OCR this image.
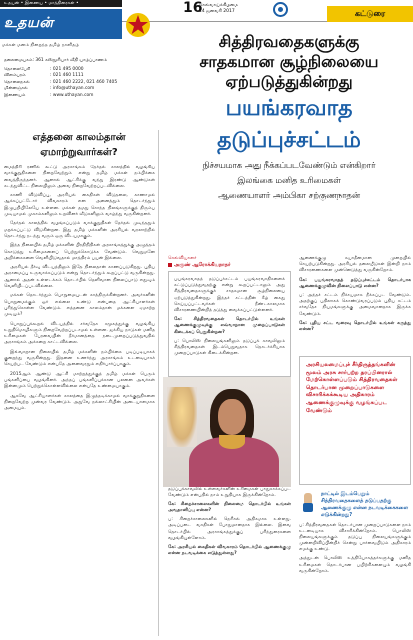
உதயன் • இணைய • மாத்திரைகள் •	16
செவ்வாய்க்கிழமை
14 ஜனவரி 2017	கட்டுரை
உதயன்
மக்கள் மனம் நிறைந்த தமிழ் நாளிதழ்
தலைமையகம்: 361 கஸ்தூரியார் வீதி யாழ்ப்பாணம்
தொலைபேசி	: 021 495 0000
விளம்பரம்	: 021 460 1111
தொலைநகல்	: 021 460 2222, 021 460 7405
மின்னஞ்சல்	: info@uthayan.com
இணையம்	: www.uthayan.com
எத்தனை காலம்தான் ஏமாற்றுவார்கள்?

மைத்திரி ரணில் கூட்டு அரசாங்கம் தேர்தல் காலத்தில் வழங்கிய வாக்குறுதிகளை நிறைவேற்றும் என்று தமிழ் மக்கள் நம்பிக்கை வைத்திருந்தனர். ஆனால் ஆட்சிக்கு வந்து இரண்டு ஆண்டுகள் கடந்துவிட்ட நிலையிலும் அவை நிறைவேற்றப்படவில்லை.

காணி விடுவிப்பு, அரசியல் கைதிகள் விடுதலை, காணாமல் ஆக்கப்பட்டோர் விவகாரம் என அனைத்தும் தொடர்ந்தும் இழுபறியிலேயே உள்ளன. மக்கள் தமது சொந்த நிலங்களுக்குத் திரும்ப முடியாமல் முகாம்களிலும் உறவினர் வீடுகளிலும் வாழ்ந்து வருகின்றனர்.

தேர்தல் காலத்தில் வழங்கப்படும் வாக்குறுதிகள் தேர்தல் முடிந்ததும் மறக்கப்பட்டு விடுகின்றன. இது தமிழ் மக்களின் அரசியல் வரலாற்றில் தொடர்ந்து நடந்து வரும் ஒரு விடயமாகும்.

இந்த நிலையில் தமிழ் மக்களின் பிரதிநிதிகள் அரசாங்கத்துக்கு அழுத்தம் கொடுத்து உரிமைகளைப் பெற்றுக்கொடுக்க வேண்டும். வெறுமனே அறிக்கைகளை வெளியிடுவதால் மாத்திரம் பயன் இல்லை.

அரசியல் தீர்வு விடயத்திலும் இதே நிலைதான் காணப்படுகிறது. புதிய அரசமைப்பு உருவாக்கப்படும் என்று தொடர்ந்தும் கூறப்பட்டு வருகின்றது. ஆனால் அதன் உள்ளடக்கம் தொடர்பில் தெளிவான நிலைப்பாடு எதுவும் வெளியிடப்படவில்லை.

மக்கள் தொடர்ந்தும் பொறுமையுடன் காத்திருக்கின்றனர். அவர்களின் பொறுமைக்கும் ஓர் எல்லை உண்டு என்பதை ஆட்சியாளர்கள் புரிந்துகொள்ள வேண்டும். எத்தனை காலம்தான் மக்களை ஏமாற்ற முடியும்?

பொறுப்புக்கூறல் விடயத்தில் சர்வதேச சமூகத்துக்கு வழங்கிய உறுதிமொழிகளும் நிறைவேற்றப்படாமல் உள்ளன. ஐக்கிய நாடுகள் மனித உரிமைகள் பேரவையின் தீர்மானத்தை நடைமுறைப்படுத்துவதில் அரசாங்கம் அக்கறை காட்டவில்லை.

இவ்வாறான நிலையில் தமிழ் மக்களின் நம்பிக்கை படிப்படியாகக் குறைந்து வருகின்றது. இதனை உணர்ந்து அரசாங்கம் உடனடியாகச் செயற்பட வேண்டும் என்பதே அனைவரதும் எதிர்பார்ப்பாகும்.

2015ஆம் ஆண்டு ஆட்சி மாற்றத்துக்குத் தமிழ் மக்கள் பெரும் பங்களிப்பை வழங்கினர். அந்தப் பங்களிப்புக்கான பலனை அவர்கள் இன்னமும் பெற்றுக்கொள்ளவில்லை என்பதே உண்மையாகும்.

ஆகவே ஆட்சியாளர்கள் காலத்தை இழுத்தடிக்காமல் வாக்குறுதிகளை நிறைவேற்ற முன்வர வேண்டும். அதுவே நல்லாட்சியின் அடையாளமாக அமையும்.

சித்திரவதைகளுக்கு
சாதகமான சூழ்நிலையை
ஏற்படுத்துகின்றது
பயங்கரவாத
தடுப்புச்சட்டம்
நிச்சயமாக அது நீக்கப்படவேண்டும் என்கிறார்
இலங்கை மனித உரிமைகள்
ஆணையாளர் அம்பிகா சற்குணநாதன்
செவ்வியாளர்
அருண் ஆரோக்கியநாதர்

பயங்கரவாதத் தடுப்புச்சட்டம் பயங்கரவாதிகளைக் கட்டுப்படுத்துவதற்கு என்று கூறப்பட்டாலும் அது சித்திரவதைகளுக்குச் சாதகமான சூழ்நிலையை ஏற்படுத்துகின்றது. இந்தச் சட்டத்தின் கீழ் கைது செய்யப்பட்டவர்கள் நீண்டகாலமாக விசாரணையின்றித் தடுத்து வைக்கப்பட்டுள்ளனர்.

கே: சித்திரவதைகள் தொடர்பில் உங்கள் ஆணைக்குழுவுக்கு எவ்வாறான முறைப்பாடுகள் கிடைக்கப் பெறுகின்றன?

ப: பொலிஸ் நிலையங்களிலும் தடுப்புக் காவலிலும் சித்திரவதைகள் இடம்பெறுவதாக தொடர்ச்சியாக முறைப்பாடுகள் கிடைக்கின்றன.

ஆணைக்குழு சுயாதீனமான முறையில் செயற்படுகின்றது. அரசியல் தலையீடுகள் இன்றி நாம் விசாரணைகளை முன்னெடுத்து வருகின்றோம்.

கே: பயங்கரவாதத் தடுப்புச்சட்டம் தொடர்பாக ஆணைக்குழுவின் நிலைப்பாடு என்ன?

ப: அந்தச் சட்டம் நிச்சயமாக நீக்கப்பட வேண்டும். அதற்குப் பதிலாகக் கொண்டுவரப்படும் புதிய சட்டம் சர்வதேச நியமங்களுக்கு அமைவானதாக இருக்க வேண்டும்.

கே: புதிய சட்ட வரைவு தொடர்பில் உங்கள் கருத்து என்ன?

அரசியலமைப்புச் சீர்திருத்தங்களின் மூலம் அரசு சார்பற்ற தரப்பினரால் மேற்கொள்ளப்படும் சித்திரவதைகள் தொடர்பான முறைப்பாடுகளை விசாரிக்கக்கூடிய அதிகாரம் ஆணைக்குழுவுக்கு வழங்கப்பட வேண்டும்

தடுப்புக்காவலில் உள்ளவர்களின் உரிமைகள் பாதுகாக்கப்பட வேண்டும் என்பதில் நாம் உறுதியாக இருக்கின்றோம்.

கே: சிறைச்சாலைகளின் நிலைமை தொடர்பில் உங்கள் அவதானிப்பு என்ன?

ப: சிறைச்சாலைகளில் நெரிசல் அதிகமாக உள்ளது. அடிப்படை வசதிகள் போதுமானதாக இல்லை. இவை தொடர்பில் அரசாங்கத்துக்குப் பரிந்துரைகளை வழங்கியுள்ளோம்.

கே: அரசியல் கைதிகள் விவகாரம் தொடர்பில் ஆணைக்குழு என்ன நடவடிக்கை எடுத்துள்ளது?

நாட்டில் இடம்பெறும் சித்திரவதைகளைத் தடுப்பதற்கு ஆணைக்குழு என்ன நடவடிக்கைகளை எடுக்கின்றது?

ப: சித்திரவதைகள் தொடர்பான முறைப்பாடுகளை நாம் உடனடியாக விசாரிக்கின்றோம். பொலிஸ் நிலையங்களுக்கும் தடுப்பு நிலையங்களுக்கும் முன்னறிவிப்பின்றிச் சென்று பார்வையிடும் அதிகாரம் எமக்கு உண்டு.

அத்துடன் பொலிஸ் உத்தியோகத்தர்களுக்கு மனித உரிமைகள் தொடர்பான பயிற்சிகளையும் வழங்கி வருகின்றோம்.
